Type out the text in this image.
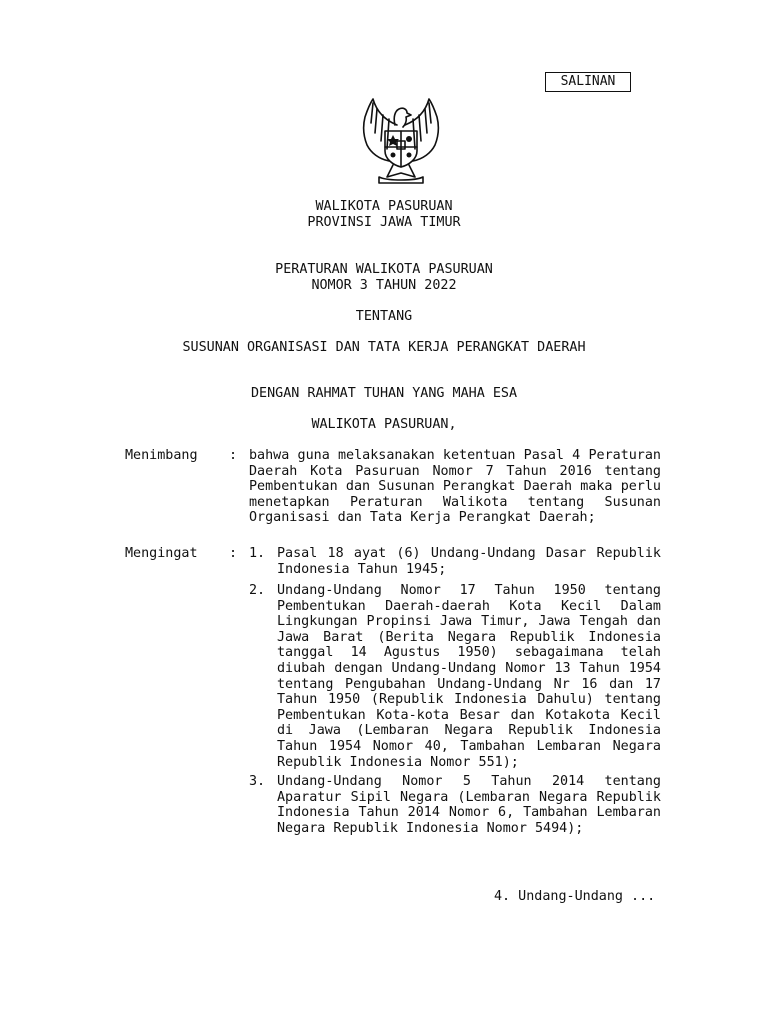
SALINAN
WALIKOTA PASURUAN
PROVINSI JAWA TIMUR
PERATURAN WALIKOTA PASURUAN
NOMOR 3 TAHUN 2022
TENTANG
SUSUNAN ORGANISASI DAN TATA KERJA PERANGKAT DAERAH
DENGAN RAHMAT TUHAN YANG MAHA ESA
WALIKOTA PASURUAN,
Menimbang : bahwa guna melaksanakan ketentuan Pasal 4 Peraturan Daerah Kota Pasuruan Nomor 7 Tahun 2016 tentang Pembentukan dan Susunan Perangkat Daerah maka perlu menetapkan Peraturan Walikota tentang Susunan Organisasi dan Tata Kerja Perangkat Daerah;
Mengingat : 1. Pasal 18 ayat (6) Undang-Undang Dasar Republik Indonesia Tahun 1945;
2. Undang-Undang Nomor 17 Tahun 1950 tentang Pembentukan Daerah-daerah Kota Kecil Dalam Lingkungan Propinsi Jawa Timur, Jawa Tengah dan Jawa Barat (Berita Negara Republik Indonesia tanggal 14 Agustus 1950) sebagaimana telah diubah dengan Undang-Undang Nomor 13 Tahun 1954 tentang Pengubahan Undang-Undang Nr 16 dan 17 Tahun 1950 (Republik Indonesia Dahulu) tentang Pembentukan Kota-kota Besar dan Kotakota Kecil di Jawa (Lembaran Negara Republik Indonesia Tahun 1954 Nomor 40, Tambahan Lembaran Negara Republik Indonesia Nomor 551);
3. Undang-Undang Nomor 5 Tahun 2014 tentang Aparatur Sipil Negara (Lembaran Negara Republik Indonesia Tahun 2014 Nomor 6, Tambahan Lembaran Negara Republik Indonesia Nomor 5494);
4. Undang-Undang ...
